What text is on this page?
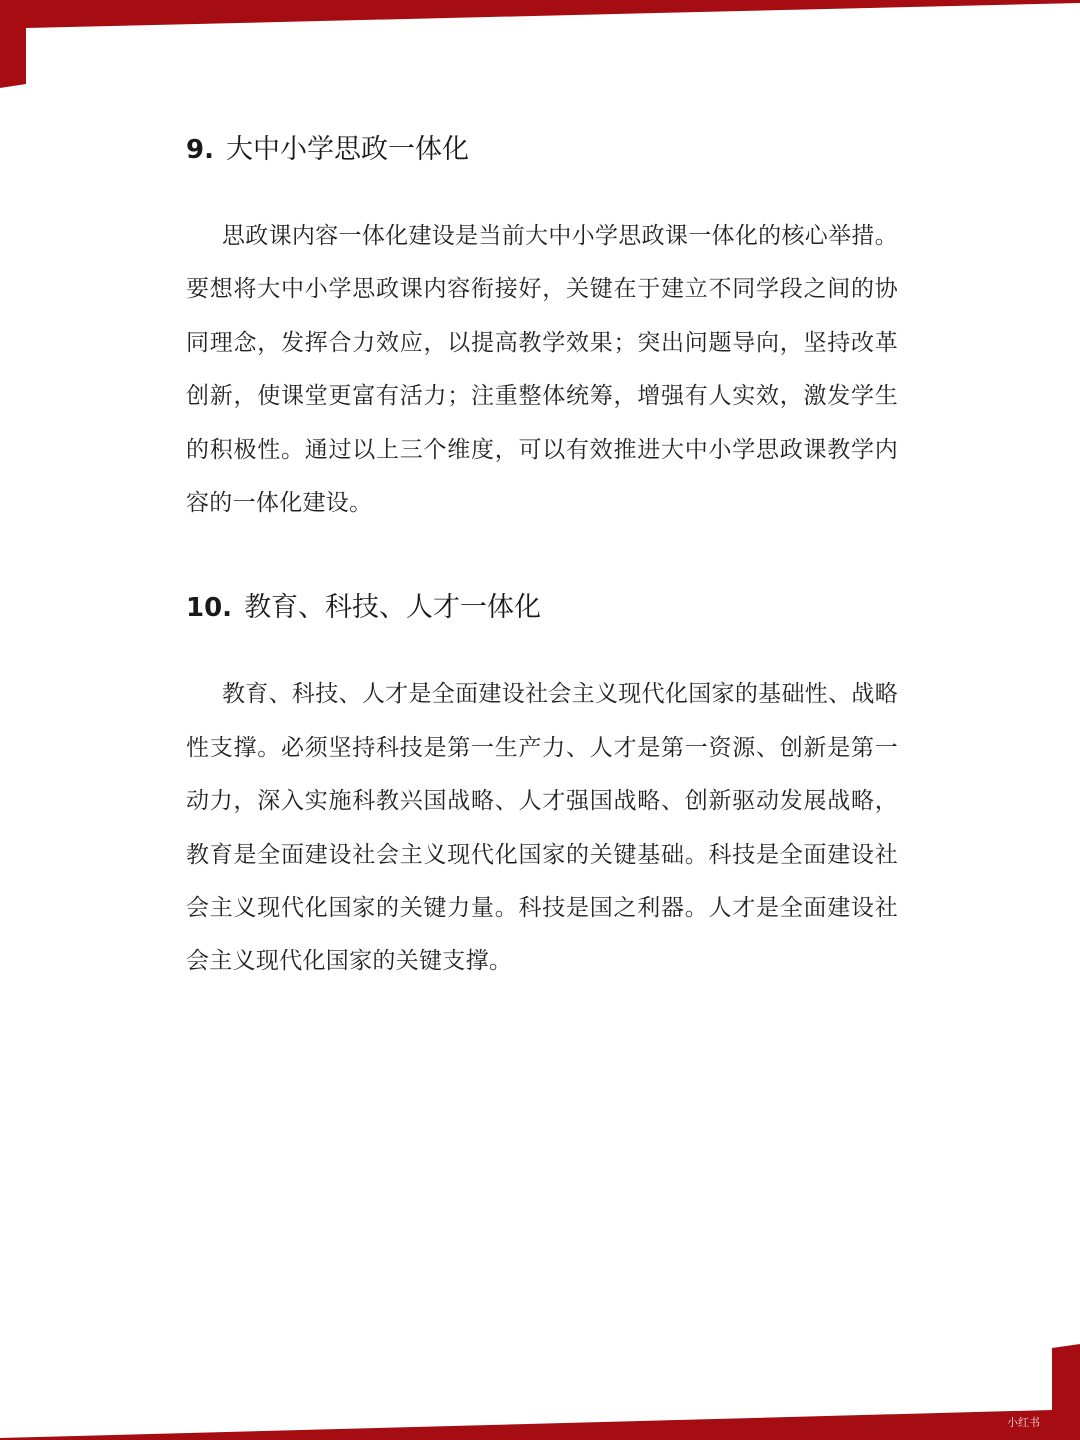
9. 大中小学思政一体化

思政课内容一体化建设是当前大中小学思政课一体化的核心举措。要想将大中小学思政课内容衔接好，关键在于建立不同学段之间的协同理念，发挥合力效应，以提高教学效果；突出问题导向，坚持改革创新，使课堂更富有活力；注重整体统筹，增强有人实效，激发学生的积极性。通过以上三个维度，可以有效推进大中小学思政课教学内容的一体化建设。

10. 教育、科技、人才一体化

教育、科技、人才是全面建设社会主义现代化国家的基础性、战略性支撑。必须坚持科技是第一生产力、人才是第一资源、创新是第一动力，深入实施科教兴国战略、人才强国战略、创新驱动发展战略，教育是全面建设社会主义现代化国家的关键基础。科技是全面建设社会主义现代化国家的关键力量。科技是国之利器。人才是全面建设社会主义现代化国家的关键支撑。

小红书
